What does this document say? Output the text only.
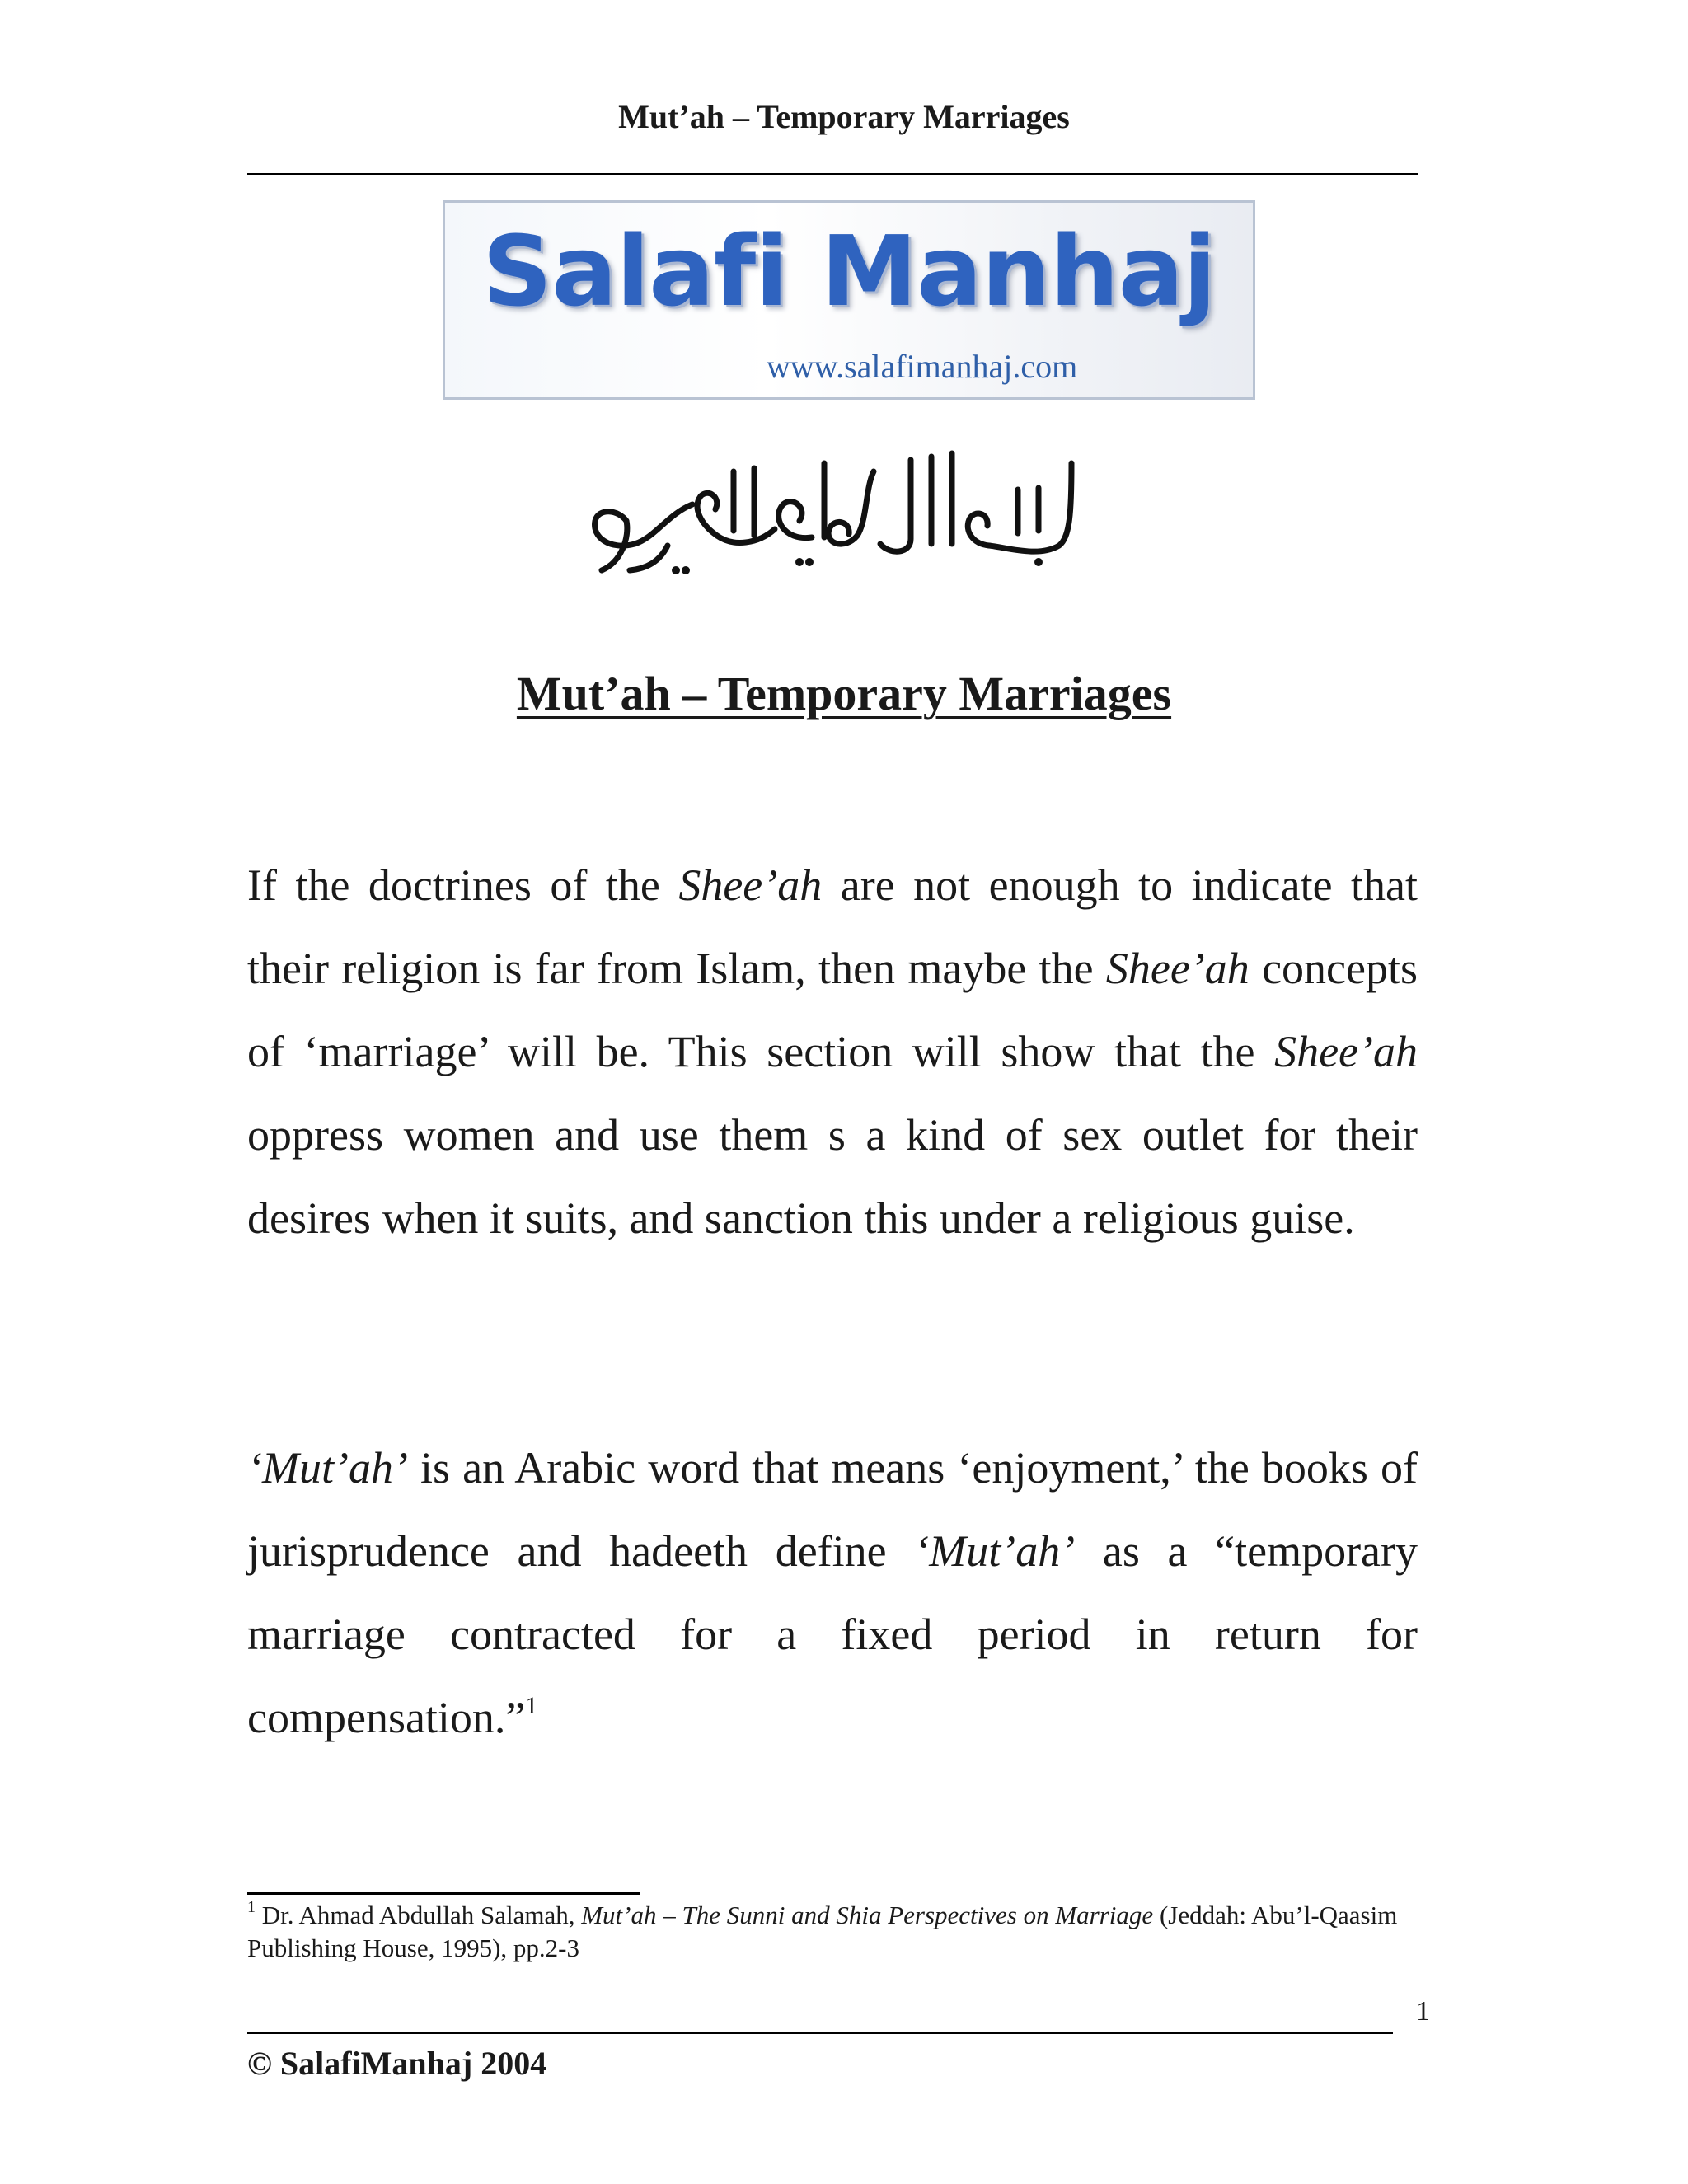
Mut’ah – Temporary Marriages
Salafi Manhaj
www.salafimanhaj.com
Mut’ah – Temporary Marriages

If the doctrines of the Shee’ah are not enough to indicate that their religion is far from Islam, then maybe the Shee’ah concepts of ‘marriage’ will be. This section will show that the Shee’ah oppress women and use them s a kind of sex outlet for their desires when it suits, and sanction this under a religious guise.

‘Mut’ah’ is an Arabic word that means ‘enjoyment,’ the books of jurisprudence and hadeeth define ‘Mut’ah’ as a “temporary marriage contracted for a fixed period in return for compensation.”$^1$

$^1$ Dr. Ahmad Abdullah Salamah, Mut’ah – The Sunni and Shia Perspectives on Marriage (Jeddah: Abu’l-Qaasim Publishing House, 1995), pp.2-3

1
© SalafiManhaj 2004
